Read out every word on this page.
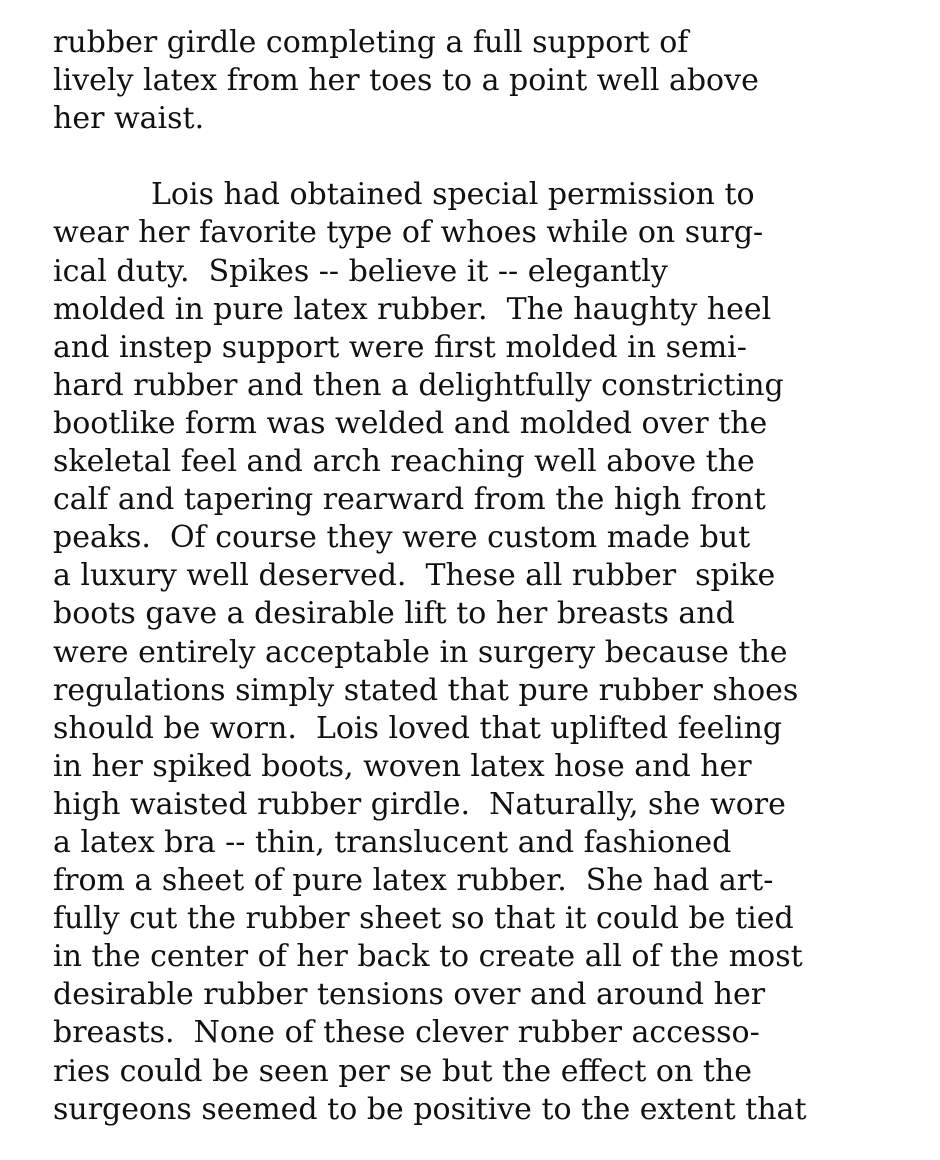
rubber girdle completing a full support of
lively latex from her toes to a point well above
her waist.
Lois had obtained special permission to
wear her favorite type of whoes while on surg-
ical duty.  Spikes -- believe it -- elegantly
molded in pure latex rubber.  The haughty heel
and instep support were first molded in semi-
hard rubber and then a delightfully constricting
bootlike form was welded and molded over the
skeletal feel and arch reaching well above the
calf and tapering rearward from the high front
peaks.  Of course they were custom made but
a luxury well deserved.  These all rubber  spike
boots gave a desirable lift to her breasts and
were entirely acceptable in surgery because the
regulations simply stated that pure rubber shoes
should be worn.  Lois loved that uplifted feeling
in her spiked boots, woven latex hose and her
high waisted rubber girdle.  Naturally, she wore
a latex bra -- thin, translucent and fashioned
from a sheet of pure latex rubber.  She had art-
fully cut the rubber sheet so that it could be tied
in the center of her back to create all of the most
desirable rubber tensions over and around her
breasts.  None of these clever rubber accesso-
ries could be seen per se but the effect on the
surgeons seemed to be positive to the extent that
